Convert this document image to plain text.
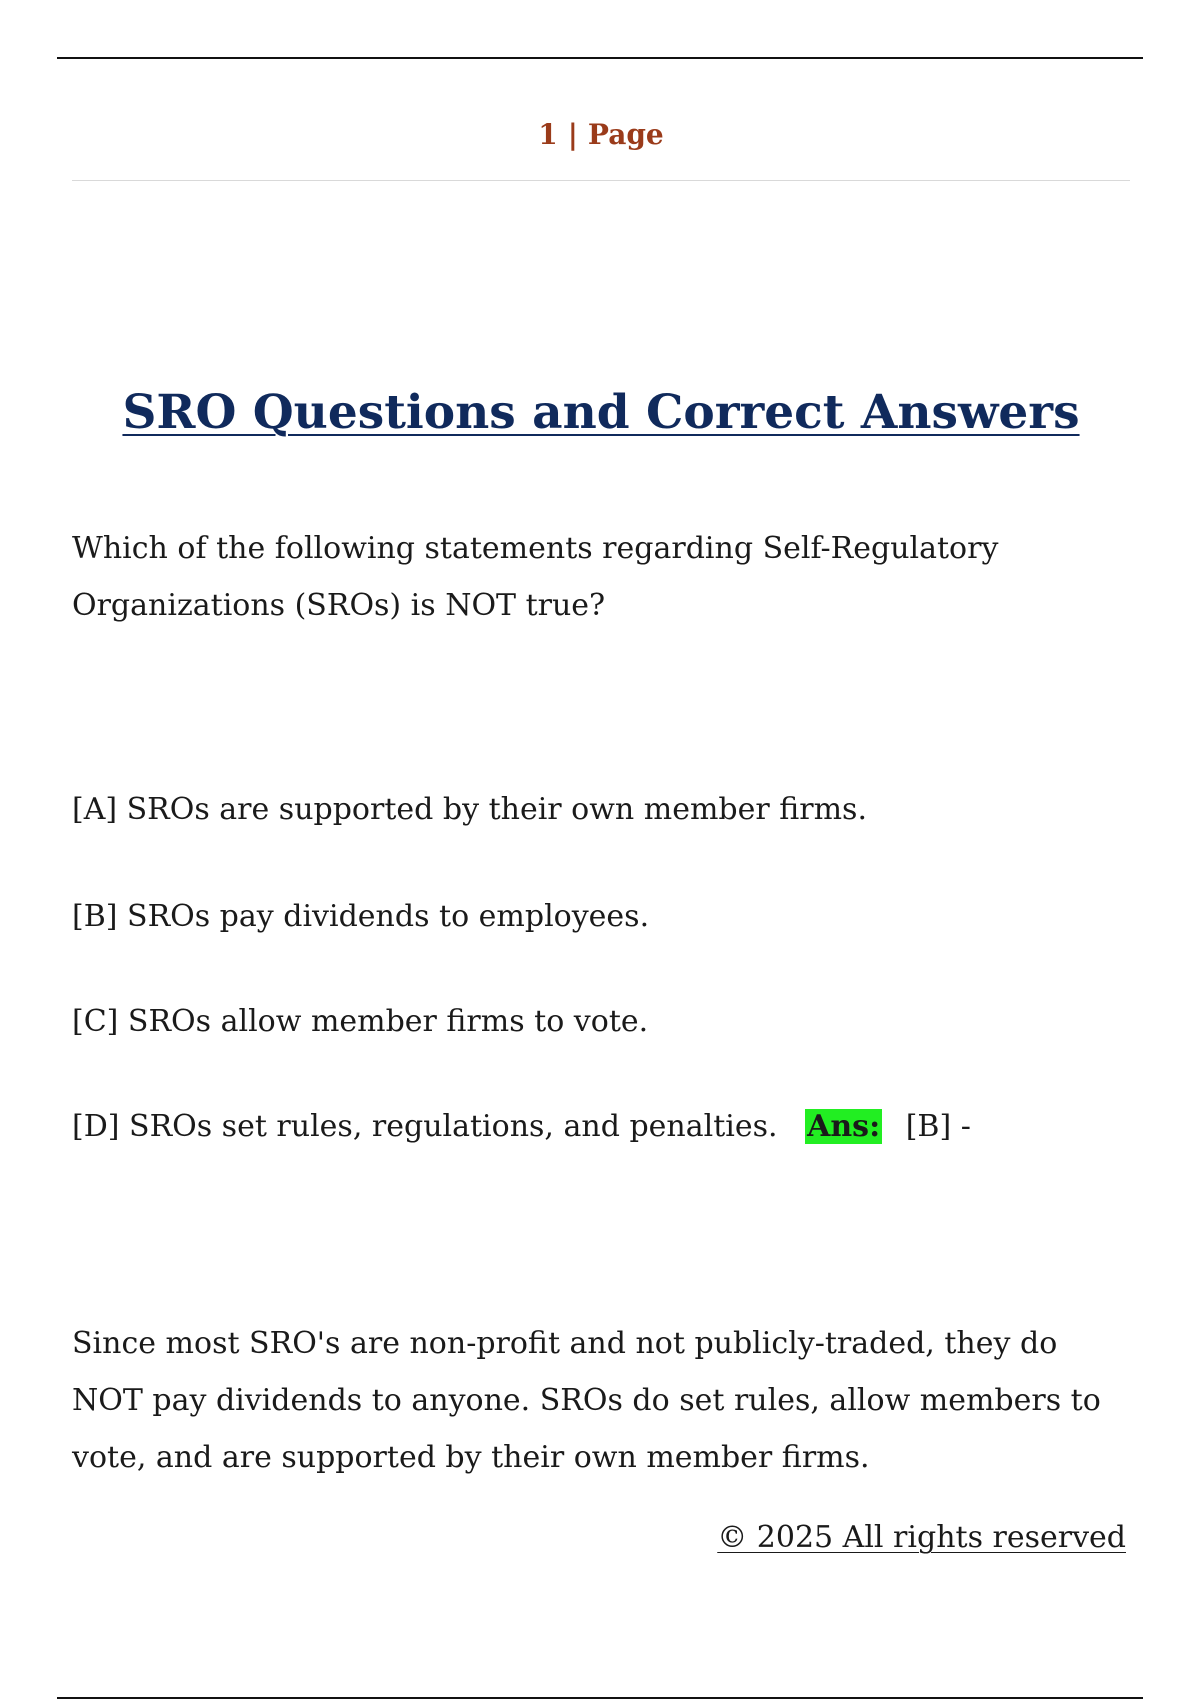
1 | Page
SRO Questions and Correct Answers
Which of the following statements regarding Self-Regulatory Organizations (SROs) is NOT true?
[A] SROs are supported by their own member firms.
[B] SROs pay dividends to employees.
[C] SROs allow member firms to vote.
[D] SROs set rules, regulations, and penalties. Ans: [B] -
Since most SRO's are non-profit and not publicly-traded, they do NOT pay dividends to anyone. SROs do set rules, allow members to vote, and are supported by their own member firms.
© 2025 All rights reserved
